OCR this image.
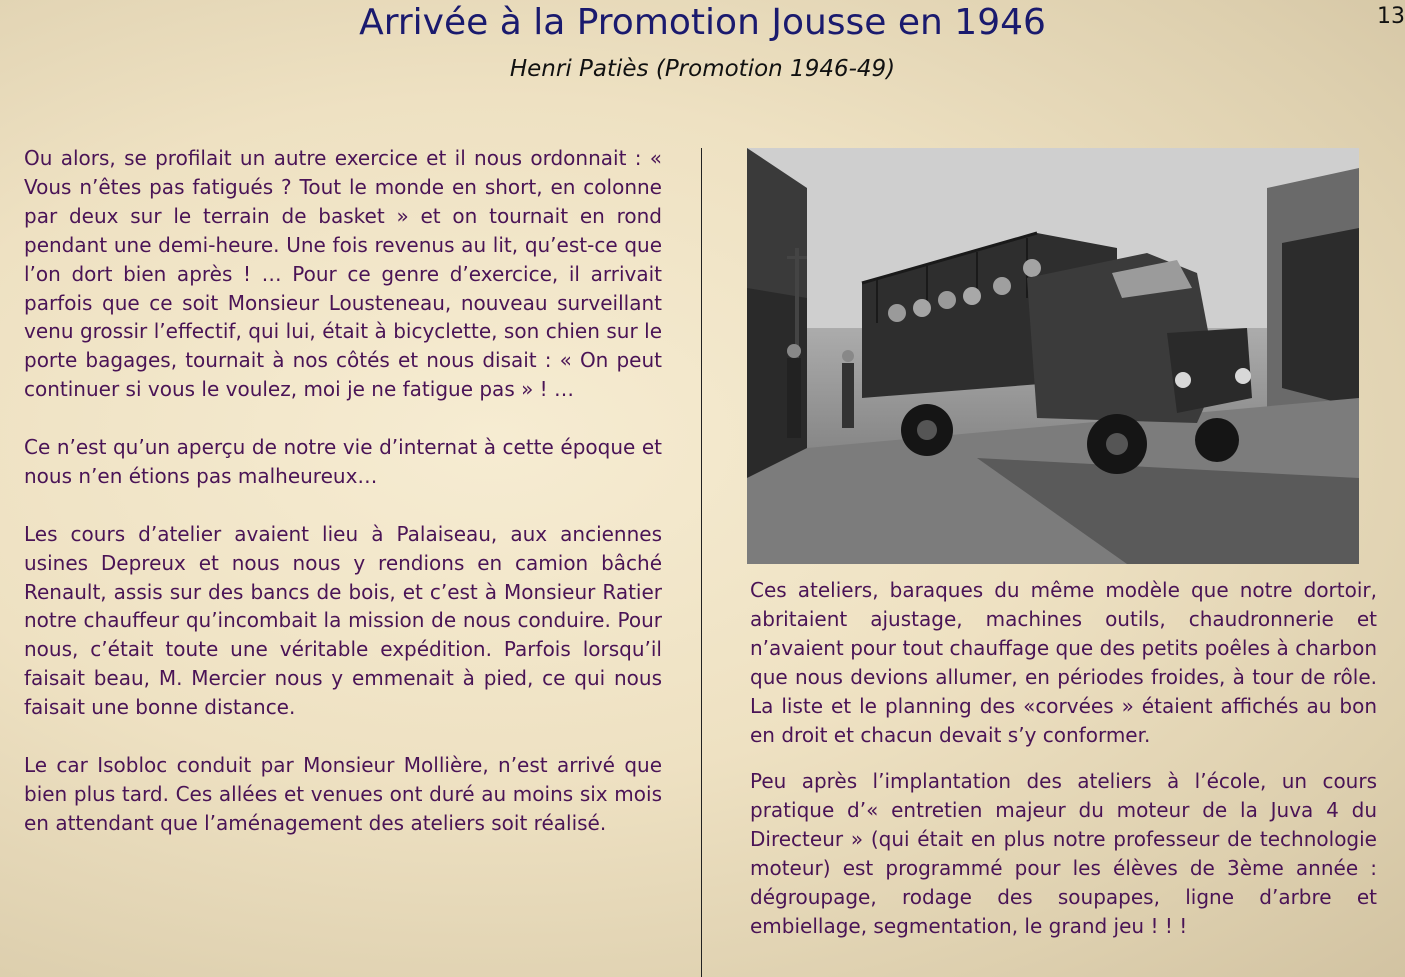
Arrivée à la Promotion Jousse en 1946
Henri Patiès (Promotion 1946-49)
13

Ou alors, se profilait un autre exercice et il nous ordonnait : « Vous n’êtes pas fatigués ? Tout le monde en short, en colonne par deux sur le terrain de basket » et on tournait en rond pendant une demi-heure. Une fois revenus au lit, qu’est-ce que l’on dort bien après ! … Pour ce genre d’exercice, il arrivait parfois que ce soit Monsieur Lousteneau, nouveau surveillant venu grossir l’effectif, qui lui, était à bicyclette, son chien sur le porte bagages, tournait à nos côtés et nous disait : « On peut continuer si vous le voulez, moi je ne fatigue pas » ! …

Ce n’est qu’un aperçu de notre vie d’internat à cette époque et nous n’en étions pas malheureux…

Les cours d’atelier avaient lieu à Palaiseau, aux anciennes usines Depreux et nous nous y rendions en camion bâché Renault, assis sur des bancs de bois, et c’est à Monsieur Ratier notre chauffeur qu’incombait la mission de nous conduire. Pour nous, c’était toute une véritable expédition. Parfois lorsqu’il faisait beau, M. Mercier nous y emmenait à pied, ce qui nous faisait une bonne distance.

Le car Isobloc conduit par Monsieur Mollière, n’est arrivé que bien plus tard. Ces allées et venues ont duré au moins six mois en attendant que l’aménagement des ateliers soit réalisé.

Ces ateliers, baraques du même modèle que notre dortoir, abritaient ajustage, machines outils, chaudronnerie et n’avaient pour tout chauffage que des petits poêles à charbon que nous devions allumer, en périodes froides, à tour de rôle. La liste et le planning des «corvées » étaient affichés au bon en droit et chacun devait s’y conformer.

Peu après l’implantation des ateliers à l’école, un cours pratique d’« entretien majeur du moteur de la Juva 4 du Directeur » (qui était en plus notre professeur de technologie moteur) est programmé pour les élèves de 3ème année : dégroupage, rodage des soupapes, ligne d’arbre et embiellage, segmentation, le grand jeu ! ! !
